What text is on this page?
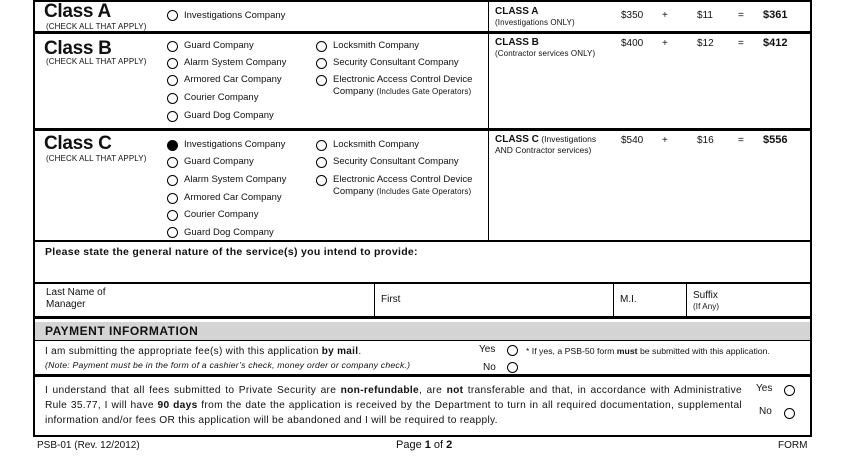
Class A
(CHECK ALL THAT APPLY)
Investigations Company	CLASS A
(Investigations ONLY)
$350 +	$11	= $361
Class B
(CHECK ALL THAT APPLY)
Guard Company
Alarm System Company
Armored Car Company
Courier Company
Guard Dog Company
Locksmith Company
Security Consultant Company
Electronic Access Control Device
Company (Includes Gate Operators)
CLASS B
(Contractor services ONLY)
$400 +	$12 = $412
Class C
(CHECK ALL THAT APPLY)
Investigations Company
Guard Company
Alarm System Company
Armored Car Company
Courier Company
Guard Dog Company
Locksmith Company
Security Consultant Company
Electronic Access Control Device
Company (Includes Gate Operators)
CLASS C (Investigations
AND Contractor services)
$540 +	$16 = $556
Please state the general nature of the service(s) you intend to provide:
Last Name of
Manager	First	M.I.	Suffix
(If Any)
PAYMENT INFORMATION
I am submitting the appropriate fee(s) with this application by mail.
(Note: Payment must be in the form of a cashier’s check, money order or company check.)
Yes
No
* If yes, a PSB-50 form must be submitted with this application.
I understand that all fees submitted to Private Security are non-refundable, are not transferable and that, in accordance with Administrative Rule 35.77, I will have 90 days from the date the application is received by the Department to turn in all required documentation, supplemental information and/or fees OR this application will be abandoned and I will be required to reapply.
Yes
No
PSB-01 (Rev. 12/2012)	Page 1 of 2	FORM
